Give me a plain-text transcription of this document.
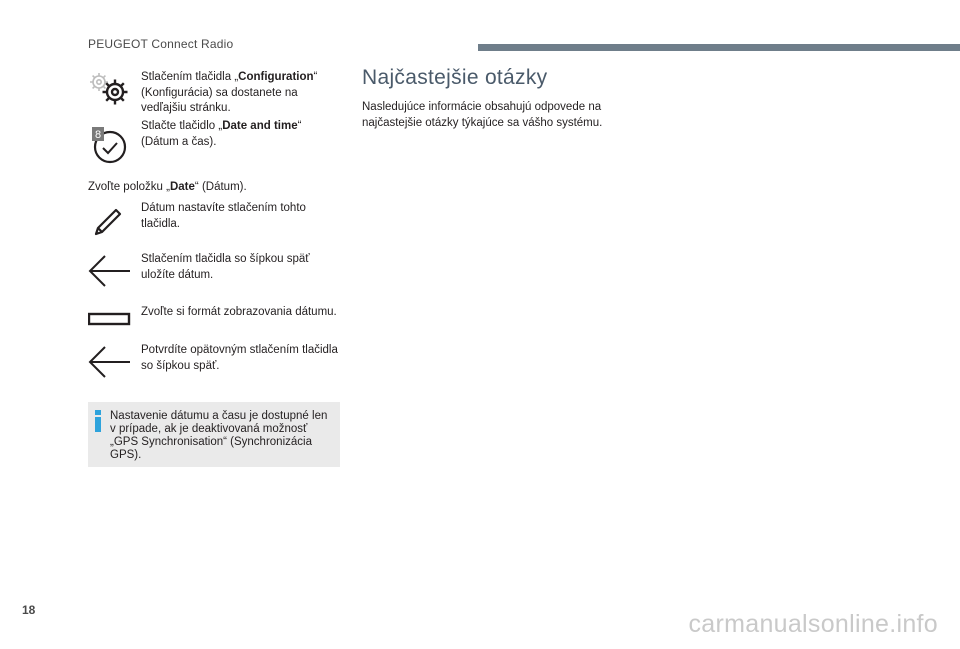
PEUGEOT Connect Radio
Stlačením tlačidla „Configuration“ (Konfigurácia) sa dostanete na vedľajšiu stránku.
8
Stlačte tlačidlo „Date and time“ (Dátum a čas).
Zvoľte položku „Date“ (Dátum).
Dátum nastavíte stlačením tohto tlačidla.
Stlačením tlačidla so šípkou späť uložíte dátum.
Zvoľte si formát zobrazovania dátumu.
Potvrdíte opätovným stlačením tlačidla so šípkou späť.
Nastavenie dátumu a času je dostupné len v prípade, ak je deaktivovaná možnosť „GPS Synchronisation“ (Synchronizácia GPS).
Najčastejšie otázky
Nasledujúce informácie obsahujú odpovede na najčastejšie otázky týkajúce sa vášho systému.
18	carmanualsonline.info
